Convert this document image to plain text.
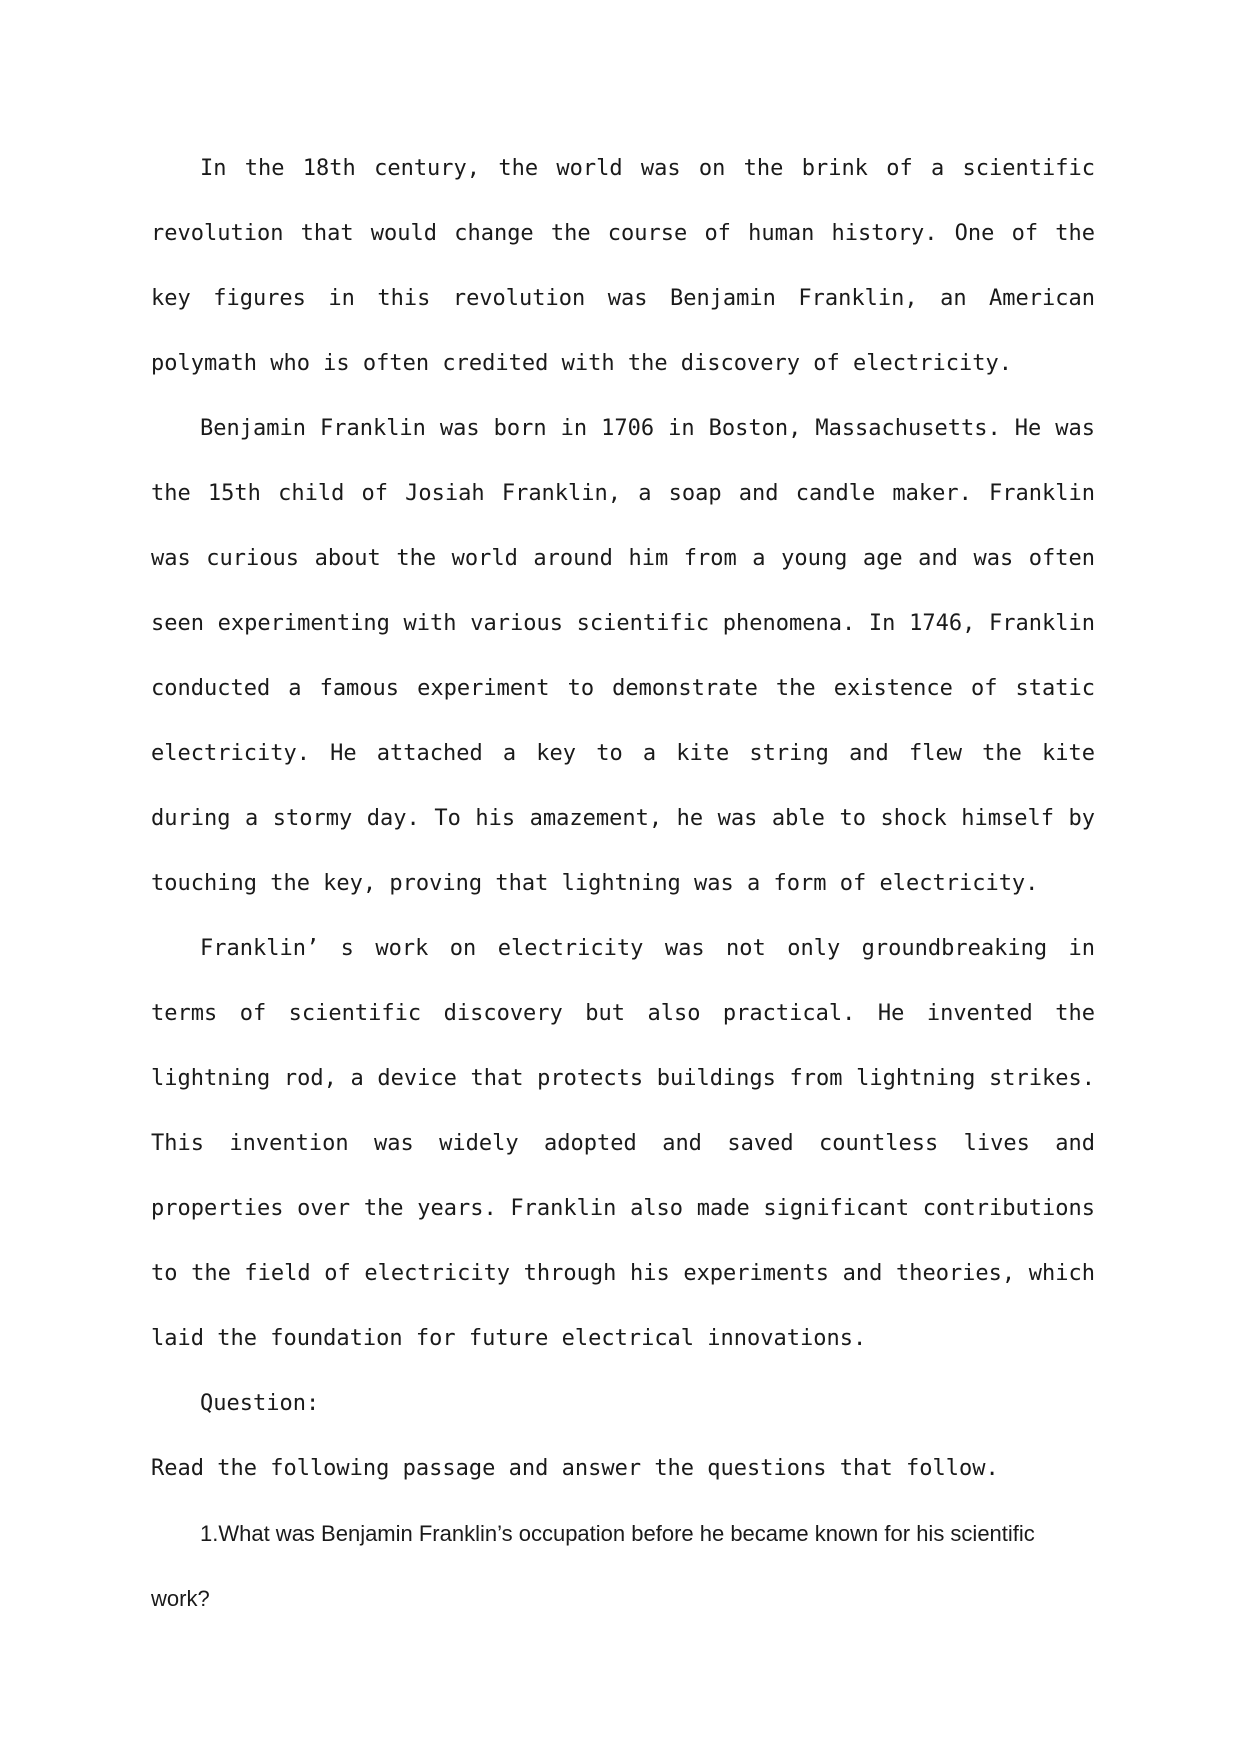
In the 18th century, the world was on the brink of a scientific revolution that would change the course of human history. One of the key figures in this revolution was Benjamin Franklin, an American polymath who is often credited with the discovery of electricity.

Benjamin Franklin was born in 1706 in Boston, Massachusetts. He was the 15th child of Josiah Franklin, a soap and candle maker. Franklin was curious about the world around him from a young age and was often seen experimenting with various scientific phenomena. In 1746, Franklin conducted a famous experiment to demonstrate the existence of static electricity. He attached a key to a kite string and flew the kite during a stormy day. To his amazement, he was able to shock himself by touching the key, proving that lightning was a form of electricity.

Franklin’ s work on electricity was not only groundbreaking in terms of scientific discovery but also practical. He invented the lightning rod, a device that protects buildings from lightning strikes. This invention was widely adopted and saved countless lives and properties over the years. Franklin also made significant contributions to the field of electricity through his experiments and theories, which laid the foundation for future electrical innovations.

Question:

Read the following passage and answer the questions that follow.

1.What was Benjamin Franklin’s occupation before he became known for his scientific work?
